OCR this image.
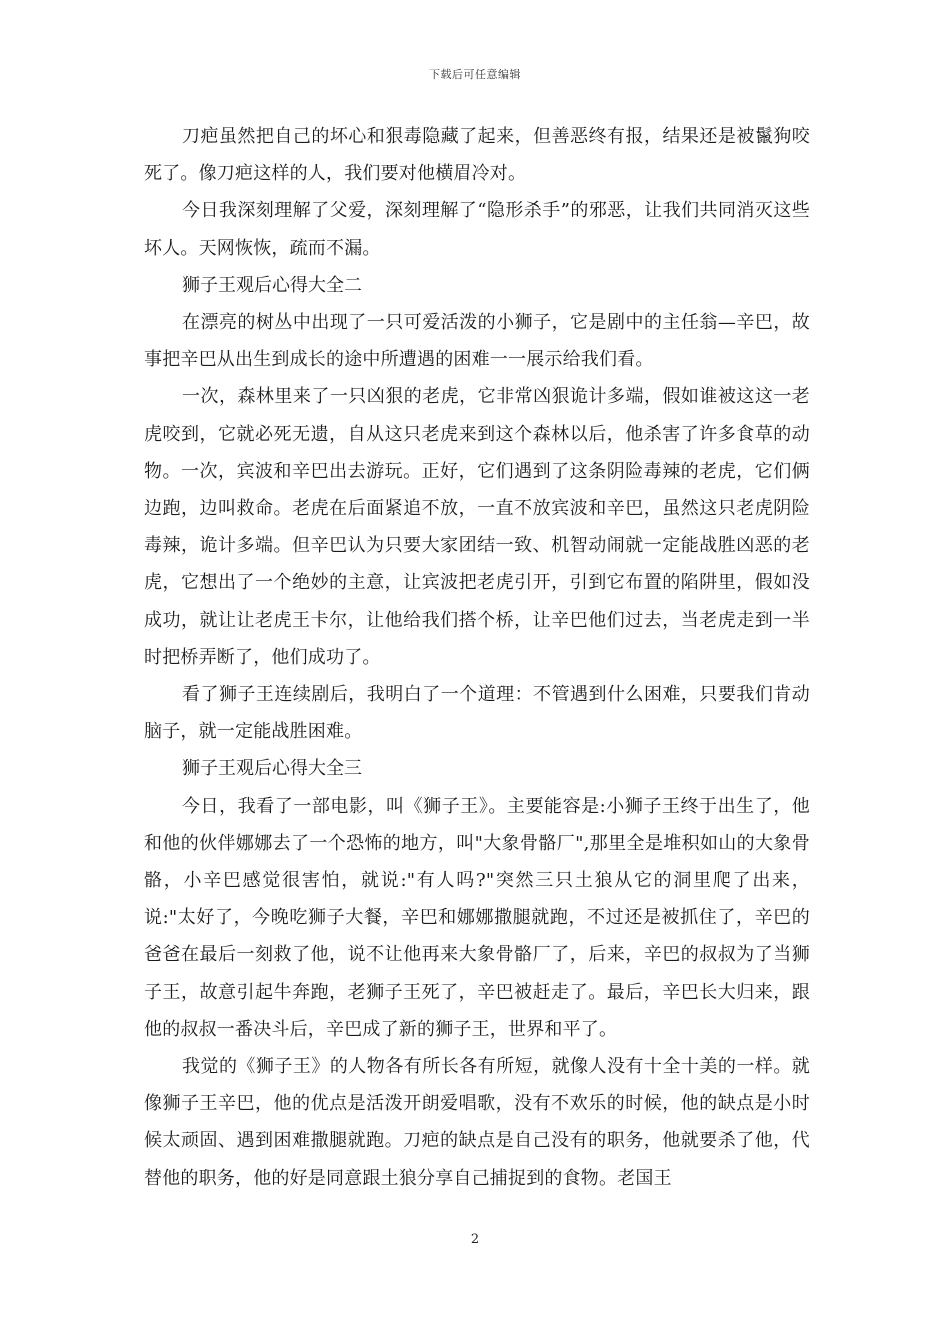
下载后可任意编辑

刀疤虽然把自己的坏心和狠毒隐藏了起来，但善恶终有报，结果还是被鬣狗咬死了。像刀疤这样的人，我们要对他横眉冷对。

今日我深刻理解了父爱，深刻理解了“隐形杀手”的邪恶，让我们共同消灭这些坏人。天网恢恢，疏而不漏。

狮子王观后心得大全二

在漂亮的树丛中出现了一只可爱活泼的小狮子，它是剧中的主任翁—辛巴，故事把辛巴从出生到成长的途中所遭遇的困难一一展示给我们看。

一次，森林里来了一只凶狠的老虎，它非常凶狠诡计多端，假如谁被这这一老虎咬到，它就必死无遗，自从这只老虎来到这个森林以后，他杀害了许多食草的动物。一次，宾波和辛巴出去游玩。正好，它们遇到了这条阴险毒辣的老虎，它们俩边跑，边叫救命。老虎在后面紧追不放，一直不放宾波和辛巴，虽然这只老虎阴险毒辣，诡计多端。但辛巴认为只要大家团结一致、机智动闹就一定能战胜凶恶的老虎，它想出了一个绝妙的主意，让宾波把老虎引开，引到它布置的陷阱里，假如没成功，就让让老虎王卡尔，让他给我们搭个桥，让辛巴他们过去，当老虎走到一半时把桥弄断了，他们成功了。

看了狮子王连续剧后，我明白了一个道理：不管遇到什么困难，只要我们肯动脑子，就一定能战胜困难。

狮子王观后心得大全三

今日，我看了一部电影，叫《狮子王》。主要能容是:小狮子王终于出生了，他和他的伙伴娜娜去了一个恐怖的地方，叫"大象骨骼厂",那里全是堆积如山的大象骨骼，小辛巴感觉很害怕，就说:"有人吗?"突然三只土狼从它的洞里爬了出来，说:"太好了，今晚吃狮子大餐，辛巴和娜娜撒腿就跑，不过还是被抓住了，辛巴的爸爸在最后一刻救了他，说不让他再来大象骨骼厂了，后来，辛巴的叔叔为了当狮子王，故意引起牛奔跑，老狮子王死了，辛巴被赶走了。最后，辛巴长大归来，跟他的叔叔一番决斗后，辛巴成了新的狮子王，世界和平了。

我觉的《狮子王》的人物各有所长各有所短，就像人没有十全十美的一样。就像狮子王辛巴，他的优点是活泼开朗爱唱歌，没有不欢乐的时候，他的缺点是小时候太顽固、遇到困难撒腿就跑。刀疤的缺点是自己没有的职务，他就要杀了他，代替他的职务，他的好是同意跟土狼分享自己捕捉到的食物。老国王

2
